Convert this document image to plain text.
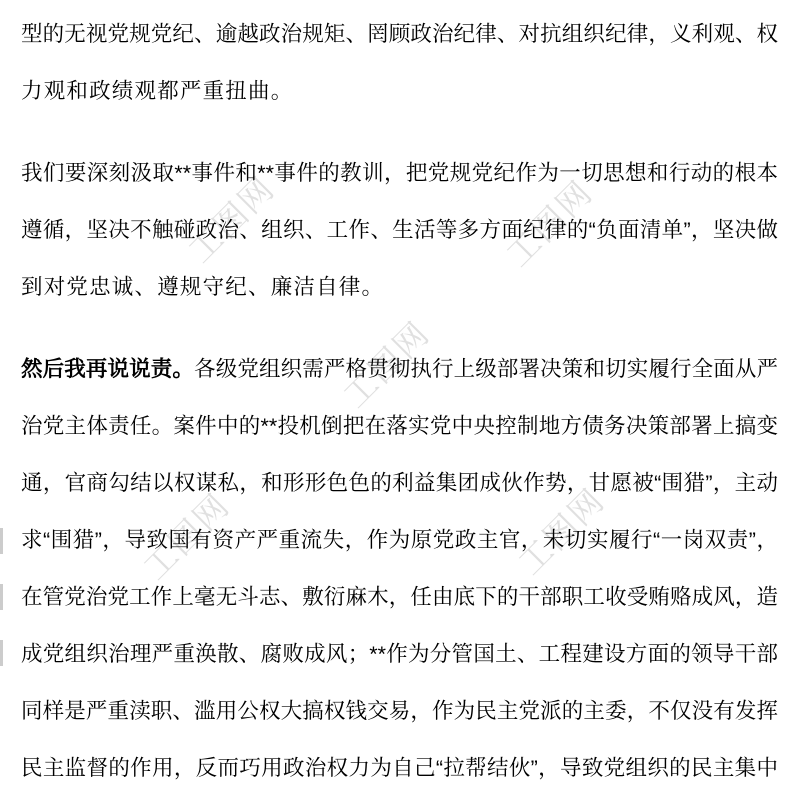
工图网	工图网
工图网
工图网	工图网
型的无视党规党纪、逾越政治规矩、罔顾政治纪律、对抗组织纪律，义利观、权
力观和政绩观都严重扭曲。
我们要深刻汲取**事件和**事件的教训，把党规党纪作为一切思想和行动的根本
遵循，坚决不触碰政治、组织、工作、生活等多方面纪律的“负面清单”，坚决做
到对党忠诚、遵规守纪、廉洁自律。
然后我再说说责。各级党组织需严格贯彻执行上级部署决策和切实履行全面从严
治党主体责任。案件中的**投机倒把在落实党中央控制地方债务决策部署上搞变
通，官商勾结以权谋私，和形形色色的利益集团成伙作势，甘愿被“围猎”，主动
求“围猎”，导致国有资产严重流失，作为原党政主官，未切实履行“一岗双责”，
在管党治党工作上毫无斗志、敷衍麻木，任由底下的干部职工收受贿赂成风，造
成党组织治理严重涣散、腐败成风；**作为分管国土、工程建设方面的领导干部
同样是严重渎职、滥用公权大搞权钱交易，作为民主党派的主委，不仅没有发挥
民主监督的作用，反而巧用政治权力为自己“拉帮结伙”，导致党组织的民主集中
